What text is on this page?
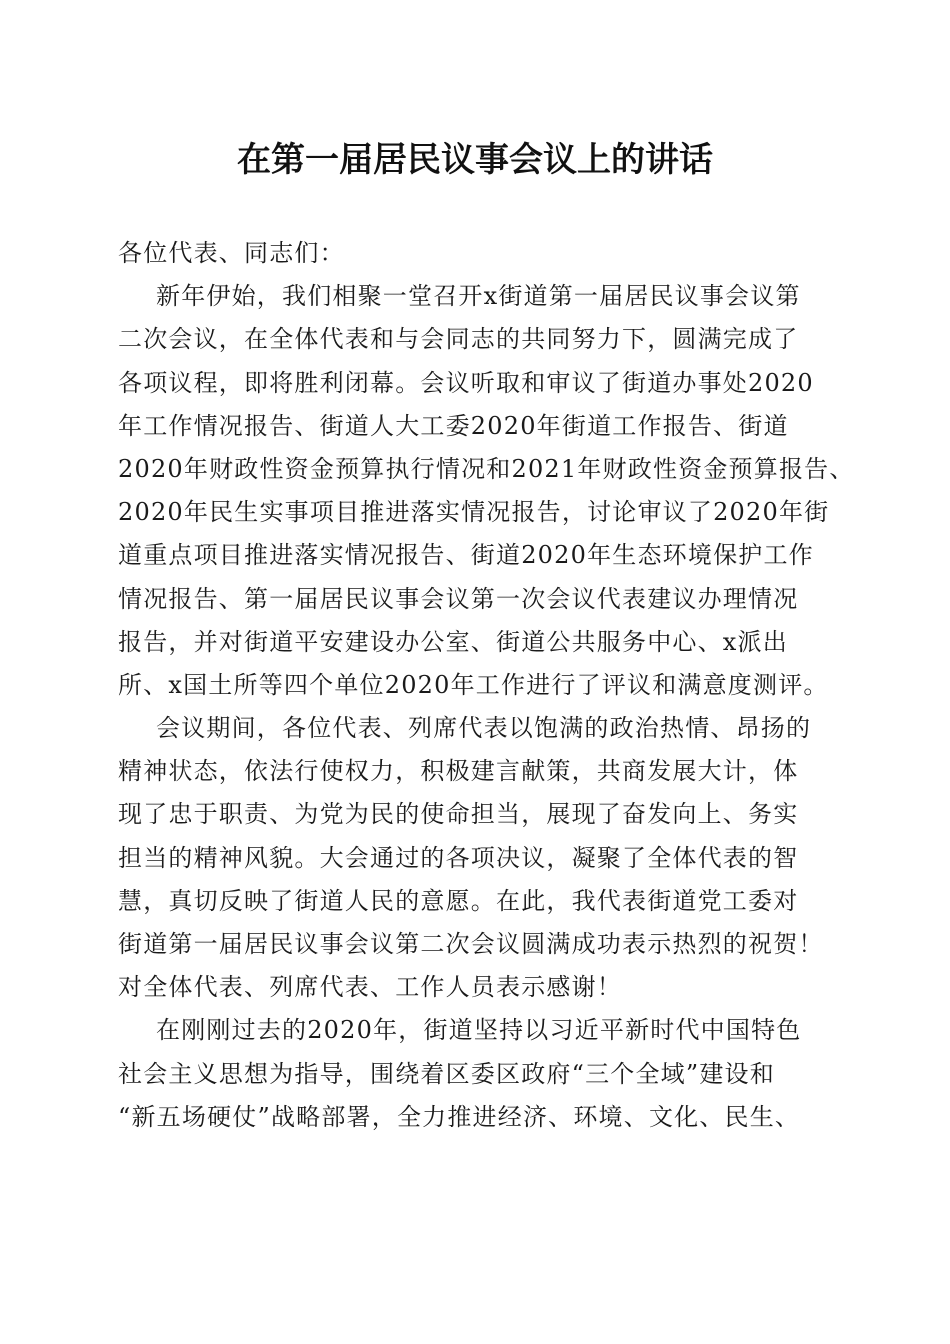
在第一届居民议事会议上的讲话
各位代表、同志们：
新年伊始，我们相聚一堂召开x街道第一届居民议事会议第
二次会议，在全体代表和与会同志的共同努力下，圆满完成了
各项议程，即将胜利闭幕。会议听取和审议了街道办事处2020
年工作情况报告、街道人大工委2020年街道工作报告、街道
2020年财政性资金预算执行情况和2021年财政性资金预算报告、
2020年民生实事项目推进落实情况报告，讨论审议了2020年街
道重点项目推进落实情况报告、街道2020年生态环境保护工作
情况报告、第一届居民议事会议第一次会议代表建议办理情况
报告，并对街道平安建设办公室、街道公共服务中心、x派出
所、x国土所等四个单位2020年工作进行了评议和满意度测评。
会议期间，各位代表、列席代表以饱满的政治热情、昂扬的
精神状态，依法行使权力，积极建言献策，共商发展大计，体
现了忠于职责、为党为民的使命担当，展现了奋发向上、务实
担当的精神风貌。大会通过的各项决议，凝聚了全体代表的智
慧，真切反映了街道人民的意愿。在此，我代表街道党工委对
街道第一届居民议事会议第二次会议圆满成功表示热烈的祝贺！
对全体代表、列席代表、工作人员表示感谢！
在刚刚过去的2020年，街道坚持以习近平新时代中国特色
社会主义思想为指导，围绕着区委区政府“三个全域”建设和
“新五场硬仗”战略部署，全力推进经济、环境、文化、民生、
